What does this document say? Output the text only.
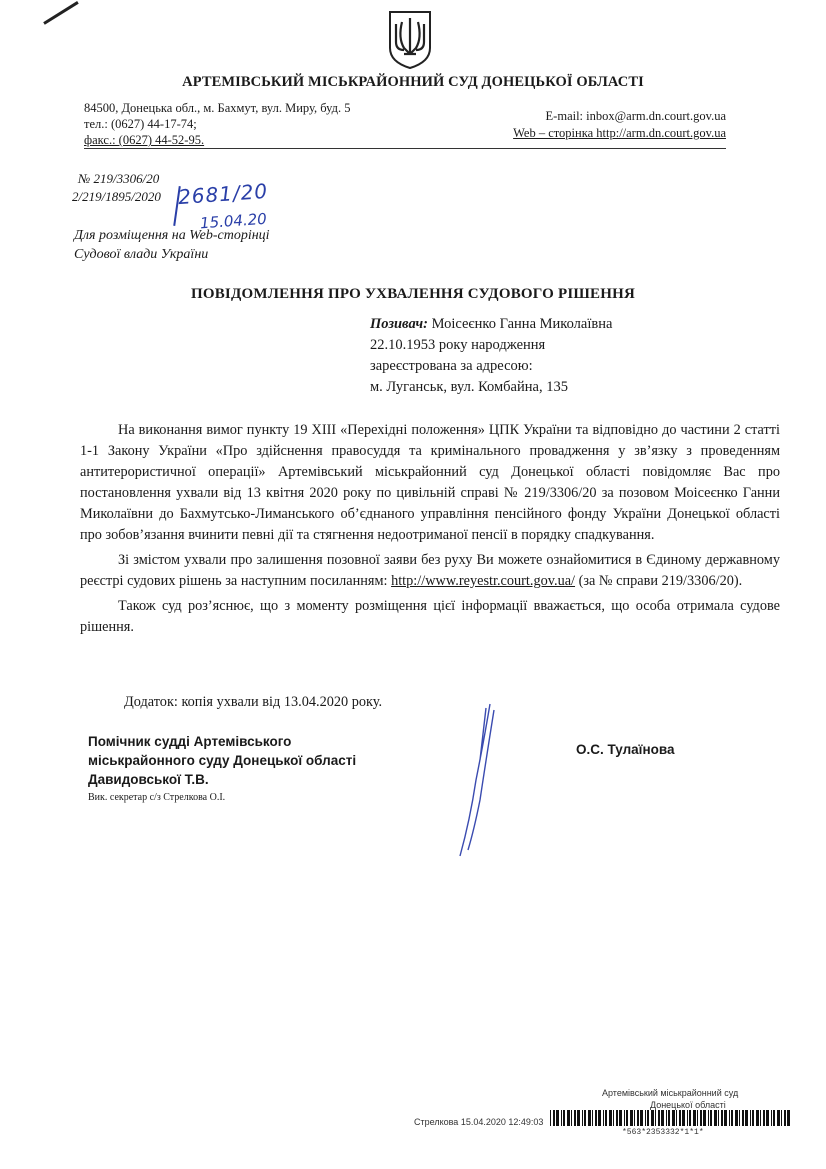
АРТЕМІВСЬКИЙ МІСЬКРАЙОННИЙ СУД ДОНЕЦЬКОЇ ОБЛАСТІ
84500, Донецька обл., м. Бахмут, вул. Миру, буд. 5
тел.: (0627) 44-17-74;
факс.: (0627) 44-52-95.
E-mail: inbox@arm.dn.court.gov.ua
Web – сторінка http://arm.dn.court.gov.ua
№ 219/3306/20
2/219/1895/2020 2681/20
15.04.20
Для розміщення на Web-сторінці
Судової влади України
ПОВІДОМЛЕННЯ ПРО УХВАЛЕННЯ СУДОВОГО РІШЕННЯ
Позивач: Моісеєнко Ганна Миколаївна
22.10.1953 року народження
зареєстрована за адресою:
м. Луганськ, вул. Комбайна, 135

На виконання вимог пункту 19 XIII «Перехідні положення» ЦПК України та відповідно до частини 2 статті 1-1 Закону України «Про здійснення правосуддя та кримінального провадження у зв’язку з проведенням антитерористичної операції» Артемівський міськрайонний суд Донецької області повідомляє Вас про постановлення ухвали від 13 квітня 2020 року по цивільній справі № 219/3306/20 за позовом Моісеєнко Ганни Миколаївни до Бахмутсько-Лиманського об’єднаного управління пенсійного фонду України Донецької області про зобов’язання вчинити певні дії та стягнення недоотриманої пенсії в порядку спадкування.

Зі змістом ухвали про залишення позовної заяви без руху Ви можете ознайомитися в Єдиному державному реєстрі судових рішень за наступним посиланням: http://www.reyestr.court.gov.ua/ (за № справи 219/3306/20).

Також суд роз’яснює, що з моменту розміщення цієї інформації вважається, що особа отримала судове рішення.

Додаток: копія ухвали від 13.04.2020 року.
Помічник судді Артемівського
міськрайонного суду Донецької області
Давидовської Т.В.
Вик. секретар с/з Стрелкова О.І.
О.С. Тулаїнова
Артемівський міськрайонний суд
Донецької області
Стрелкова 15.04.2020 12:49:03
*563*2353332*1*1*
